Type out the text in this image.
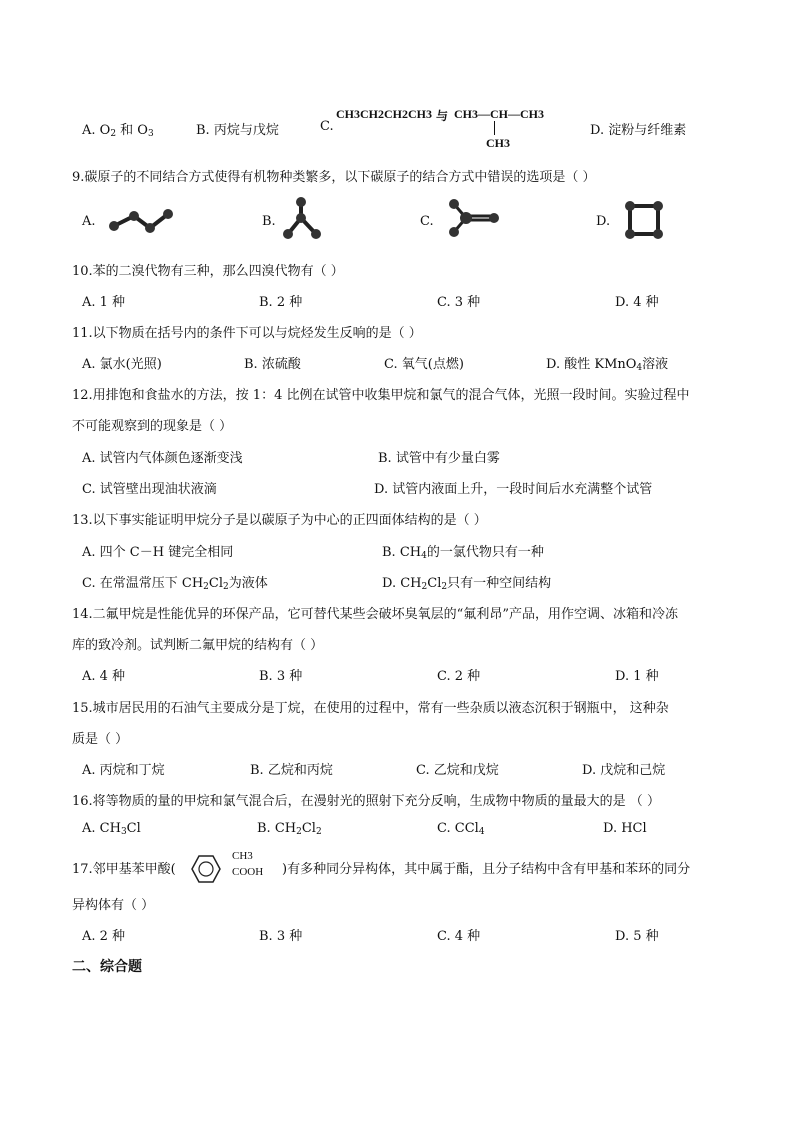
A. $O_2$ 和 $O_3$	B. 丙烷与戊烷	C.
CH3CH2CH2CH3 与 CH3—CH—CH3
CH3
D. 淀粉与纤维素
9.碳原子的不同结合方式使得有机物种类繁多，以下碳原子的结合方式中错误的选项是（ ）
A.	B.	C.	D.
10.苯的二溴代物有三种，那么四溴代物有（ ）
A. 1 种	B. 2 种	C. 3 种	D. 4 种
11.以下物质在括号内的条件下可以与烷烃发生反响的是（ ）
A. 氯水(光照)	B. 浓硫酸	C. 氧气(点燃)	D. 酸性 KMnO$_4$溶液
12.用排饱和食盐水的方法，按 1：4 比例在试管中收集甲烷和氯气的混合气体，光照一段时间。实验过程中
不可能观察到的现象是（ ）
A. 试管内气体颜色逐渐变浅	B. 试管中有少量白雾
C. 试管壁出现油状液滴	D. 试管内液面上升，一段时间后水充满整个试管
13.以下事实能证明甲烷分子是以碳原子为中心的正四面体结构的是（ ）
A. 四个 C－H 键完全相同	B. $CH_4$的一氯代物只有一种
C. 在常温常压下 $CH_2Cl_2$为液体	D. $CH_2Cl_2$只有一种空间结构
14.二氟甲烷是性能优异的环保产品，它可替代某些会破坏臭氧层的“氟利昂”产品，用作空调、冰箱和冷冻
库的致冷剂。试判断二氟甲烷的结构有（ ）
A. 4 种	B. 3 种	C. 2 种	D. 1 种
15.城市居民用的石油气主要成分是丁烷，在使用的过程中，常有一些杂质以液态沉积于钢瓶中， 这种杂
质是（ ）
A. 丙烷和丁烷	B. 乙烷和丙烷	C. 乙烷和戊烷	D. 戊烷和己烷
16.将等物质的量的甲烷和氯气混合后，在漫射光的照射下充分反响，生成物中物质的量最大的是 （ ）
A. $CH_3Cl$	B. $CH_2Cl_2$	C. CCl$_4$	D. HCl
17.邻甲基苯甲酸(
CH3
COOH )有多种同分异构体，其中属于酯，且分子结构中含有甲基和苯环的同分
异构体有（ ）
A. 2 种	B. 3 种	C. 4 种	D. 5 种
二、综合题
